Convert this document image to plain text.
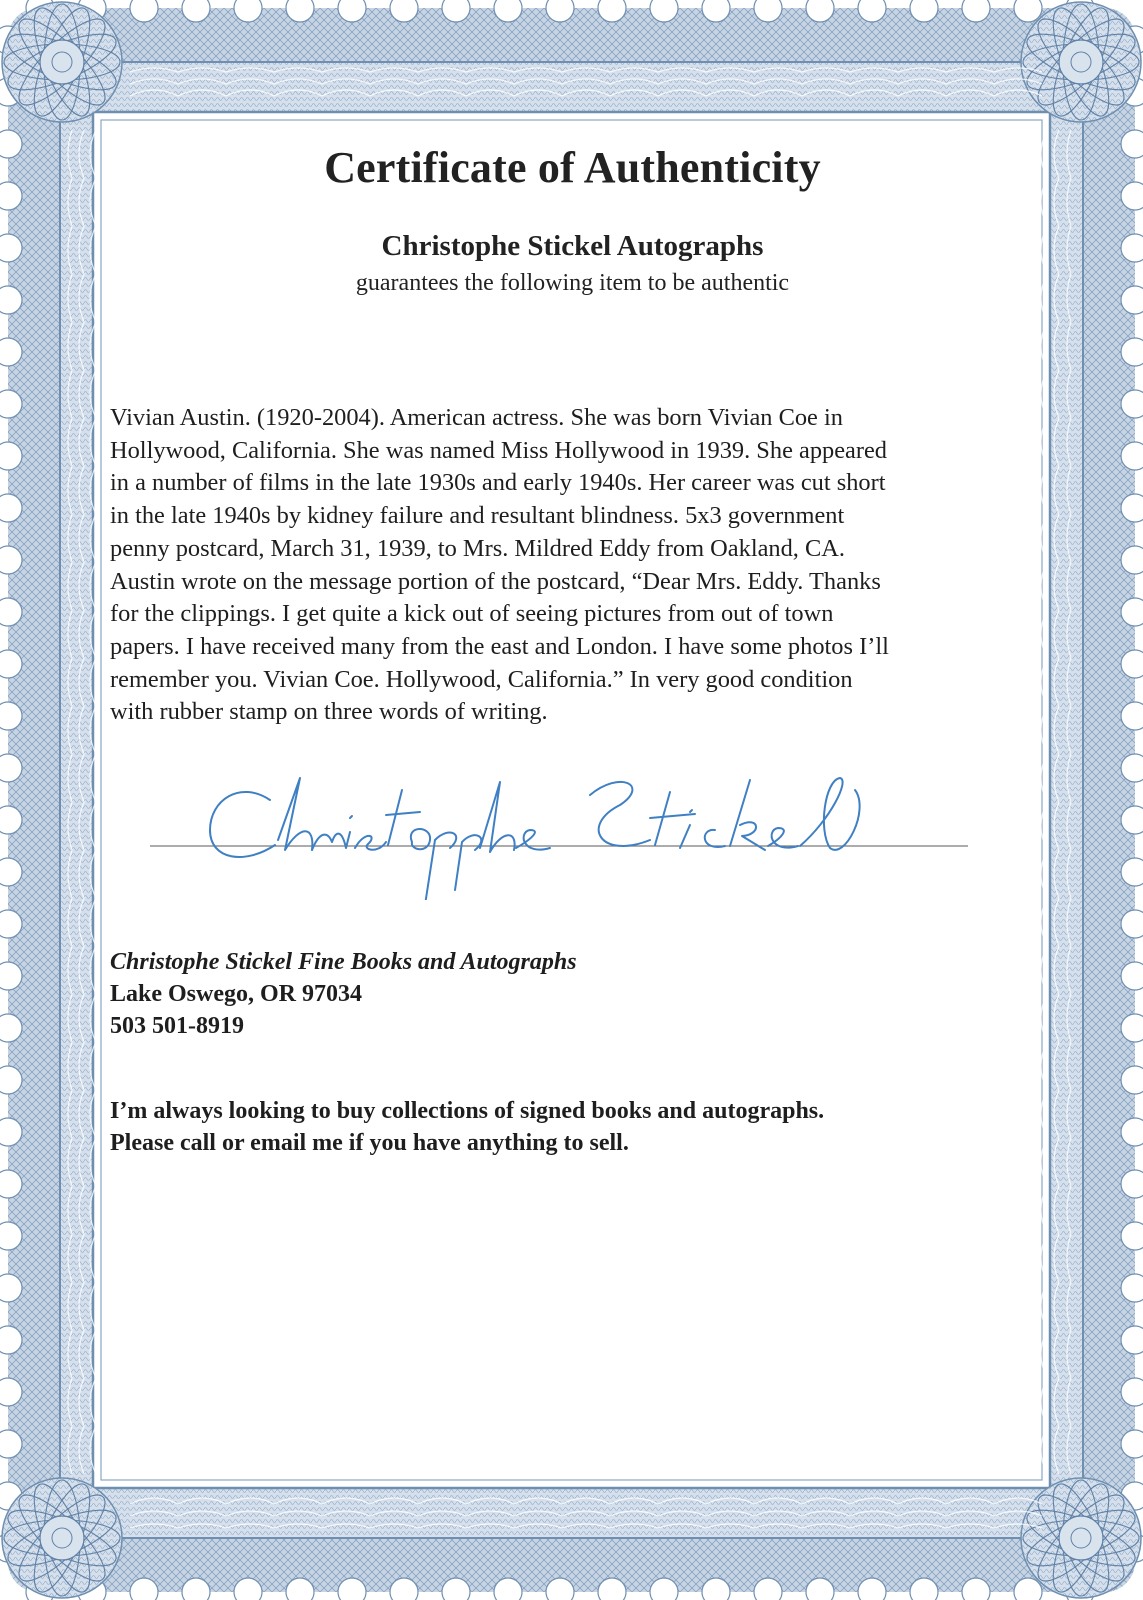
Certificate of Authenticity
Christophe Stickel Autographs
guarantees the following item to be authentic
Vivian Austin. (1920-2004). American actress. She was born Vivian Coe in
Hollywood, California. She was named Miss Hollywood in 1939. She appeared
in a number of films in the late 1930s and early 1940s. Her career was cut short
in the late 1940s by kidney failure and resultant blindness. 5x3 government
penny postcard, March 31, 1939, to Mrs. Mildred Eddy from Oakland, CA.
Austin wrote on the message portion of the postcard, “Dear Mrs. Eddy. Thanks
for the clippings. I get quite a kick out of seeing pictures from out of town
papers. I have received many from the east and London. I have some photos I’ll
remember you. Vivian Coe. Hollywood, California.” In very good condition
with rubber stamp on three words of writing.
Christophe Stickel Fine Books and Autographs
Lake Oswego, OR 97034
503 501-8919
I’m always looking to buy collections of signed books and autographs.
Please call or email me if you have anything to sell.
